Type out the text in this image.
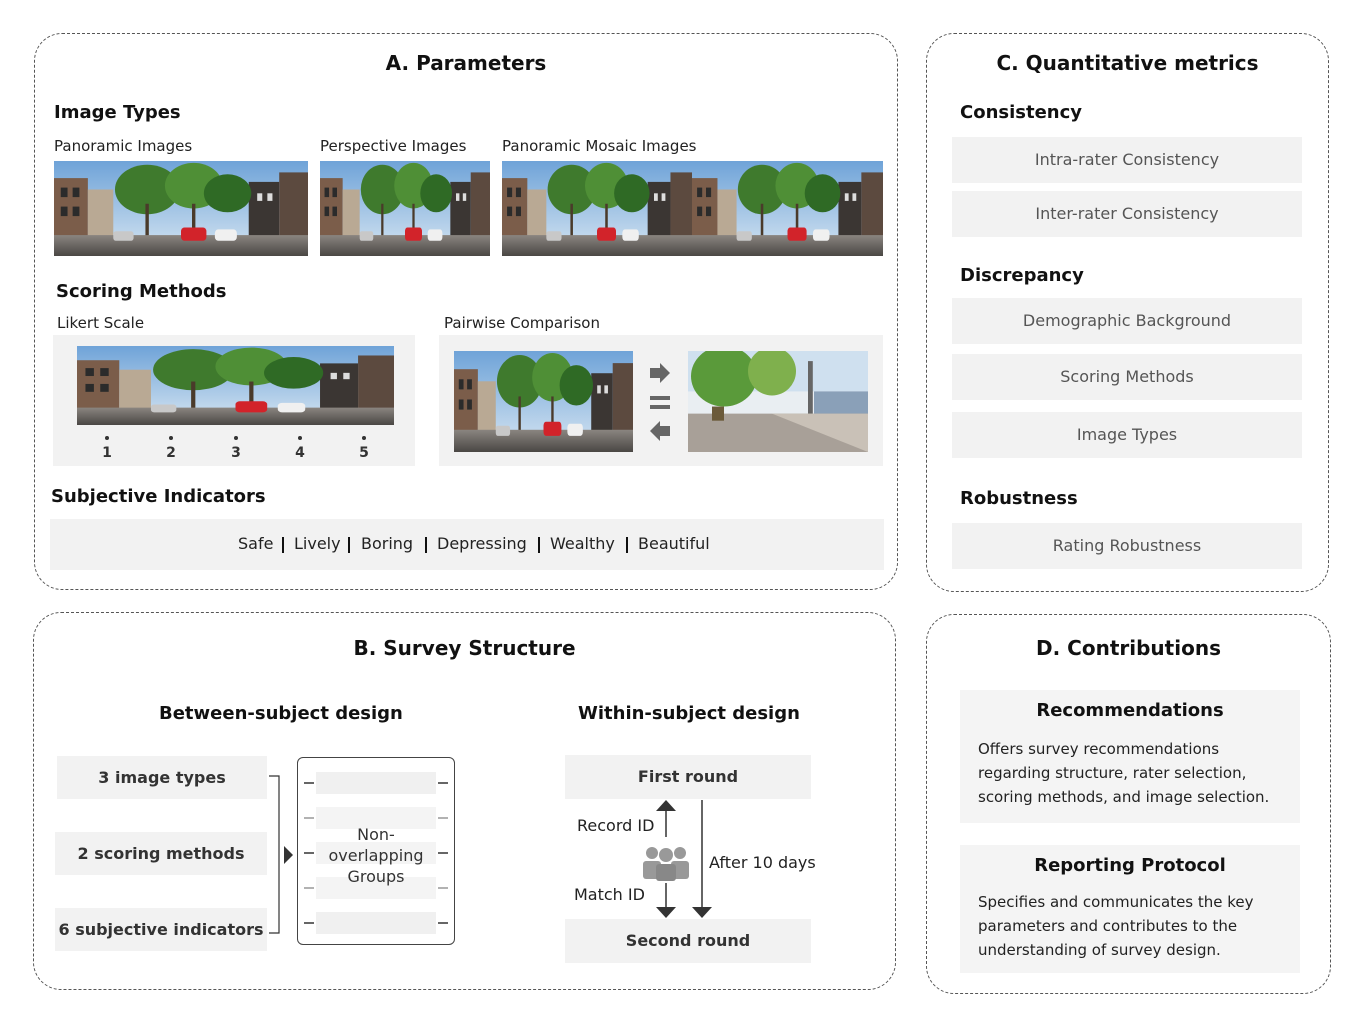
A. Parameters
Image Types
Panoramic Images	Perspective Images Panoramic Mosaic Images
Scoring Methods
Likert Scale	Pairwise Comparison
1	2	3	4	5
Subjective Indicators
Safe Lively Boring Depressing Wealthy Beautiful
C. Quantitative metrics
Consistency
Intra-rater Consistency
Inter-rater Consistency
Discrepancy
Demographic Background
Scoring Methods
Image Types
Robustness
Rating Robustness
B. Survey Structure
Between-subject design	Within-subject design
3 image types
2 scoring methods
6 subjective indicators
Non-overlapping Groups
First round
Second round
Record ID
Match ID
After 10 days
D. Contributions
Recommendations
Offers survey recommendations
regarding structure, rater selection,
scoring methods, and image selection.
Reporting Protocol
Specifies and communicates the key
parameters and contributes to the
understanding of survey design.
